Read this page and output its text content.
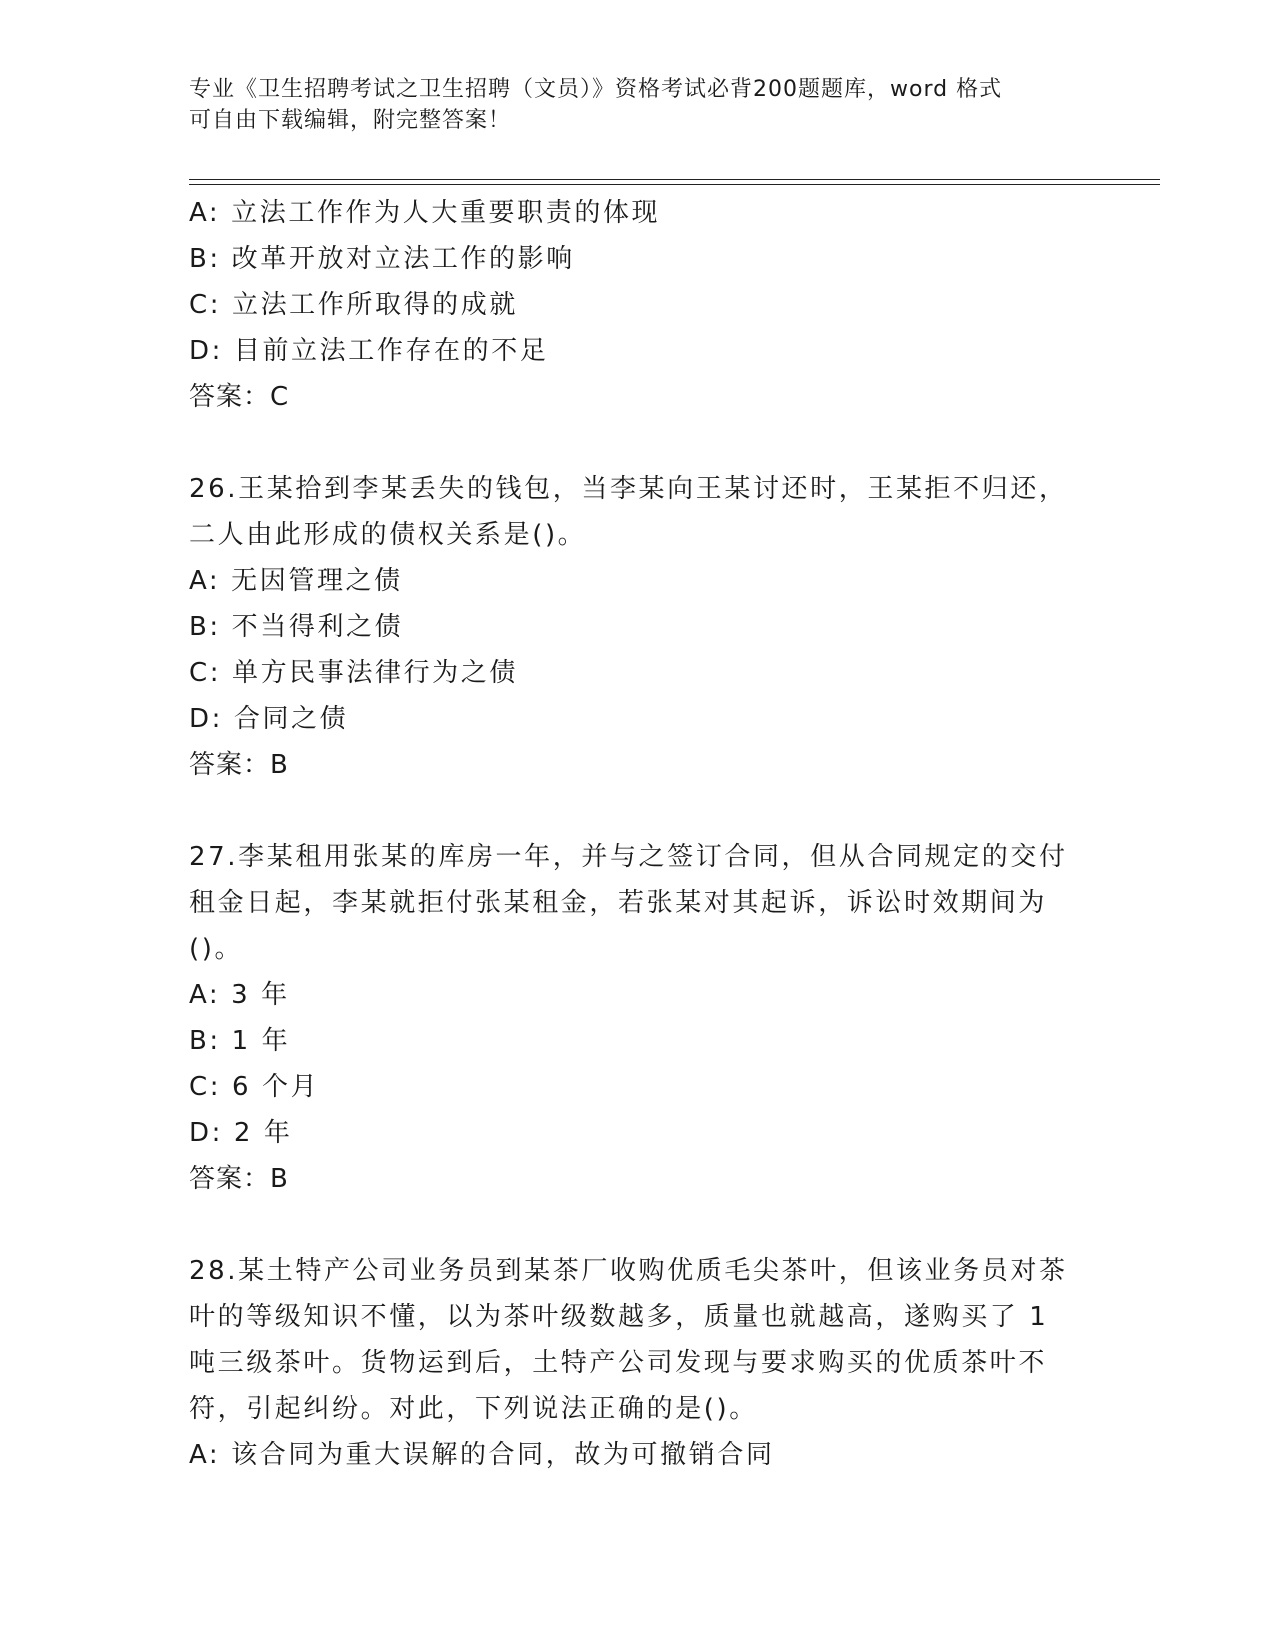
专业《卫生招聘考试之卫生招聘（文员）》资格考试必背200题题库，word 格式
可自由下载编辑，附完整答案！
A: 立法工作作为人大重要职责的体现
B: 改革开放对立法工作的影响
C: 立法工作所取得的成就
D: 目前立法工作存在的不足
答案：C
26.王某拾到李某丢失的钱包，当李某向王某讨还时，王某拒不归还，
二人由此形成的债权关系是()。
A: 无因管理之债
B: 不当得利之债
C: 单方民事法律行为之债
D: 合同之债
答案：B
27.李某租用张某的库房一年，并与之签订合同，但从合同规定的交付
租金日起，李某就拒付张某租金，若张某对其起诉，诉讼时效期间为
()。
A: 3 年
B: 1 年
C: 6 个月
D: 2 年
答案：B
28.某土特产公司业务员到某茶厂收购优质毛尖茶叶，但该业务员对茶
叶的等级知识不懂，以为茶叶级数越多，质量也就越高，遂购买了 1
吨三级茶叶。货物运到后，土特产公司发现与要求购买的优质茶叶不
符，引起纠纷。对此，下列说法正确的是()。
A: 该合同为重大误解的合同，故为可撤销合同
